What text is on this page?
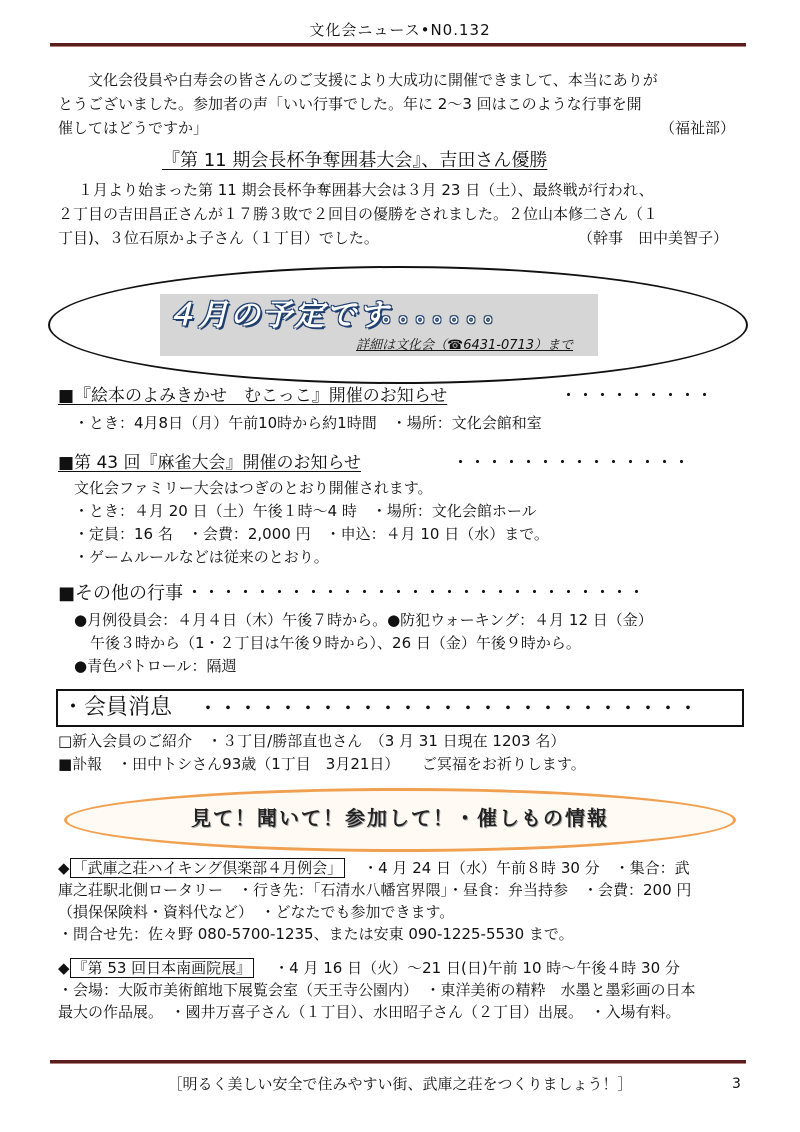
文化会ニュース•N0.132
文化会役員や白寿会の皆さんのご支援により大成功に開催できまして、本当にありが
とうございました。参加者の声「いい行事でした。年に 2～3 回はこのような行事を開
催してはどうですか」	（福祉部）
『第 11 期会長杯争奪囲碁大会』、吉田さん優勝
１月より始まった第 11 期会長杯争奪囲碁大会は３月 23 日（土）、最終戦が行われ、
２丁目の吉田昌正さんが１７勝３敗で２回目の優勝をされました。２位山本修二さん（１
丁目)、３位石原かよ子さん（１丁目）でした。	（幹事　田中美智子）
４月の予定です
。。。。。。。
詳細は文化会（☎6431-0713）まで
■『絵本のよみきかせ　むこっこ』開催のお知らせ	・・・・・・・・・
・とき：4月8日（月）午前10時から約1時間　・場所：文化会館和室
■第 43 回『麻雀大会』開催のお知らせ	・・・・・・・・・・・・・・
文化会ファミリー大会はつぎのとおり開催されます。
・とき：４月 20 日（土）午後１時～4 時　・場所：文化会館ホール
・定員：16 名　・会費：2,000 円　・申込：４月 10 日（水）まで。
・ゲームルールなどは従来のとおり。
■その他の行事 ・・・・・・・・・・・・・・・・・・・・・・・・・・・
●月例役員会：４月４日（木）午後７時から。●防犯ウォーキング：４月 12 日（金）
午後３時から（1・２丁目は午後９時から）、26 日（金）午後９時から。
●青色パトロール：隔週
・会員消息 ・・・・・・・・・・・・・・・・・・・・・・・・・
□新入会員のご紹介　・３丁目/勝部直也さん　（3 月 31 日現在 1203 名）
■訃報　・田中トシさん93歳（1丁目　3月21日）　　ご冥福をお祈りします。
見て！聞いて！参加して！・催しもの情報
◆ 「武庫之荘ハイキング倶楽部４月例会」 ・4 月 24 日（水）午前８時 30 分　・集合：武
庫之荘駅北側ロータリー　・行き先：「石清水八幡宮界隈」・昼食：弁当持参　・会費：200 円
（損保保険料・資料代など）　・どなたでも参加できます。
・問合せ先：佐々野 080-5700-1235、または安東 090-1225-5530 まで。
◆ 『第 53 回日本南画院展』 ・4 月 16 日（火）～21 日(日)午前 10 時～午後４時 30 分
・会場：大阪市美術館地下展覧会室（天王寺公園内）　・東洋美術の精粋　水墨と墨彩画の日本
最大の作品展。　・國井万喜子さん（１丁目）、水田昭子さん（２丁目）出展。　・入場有料。
［明るく美しい安全で住みやすい街、武庫之荘をつくりましょう！］	3
